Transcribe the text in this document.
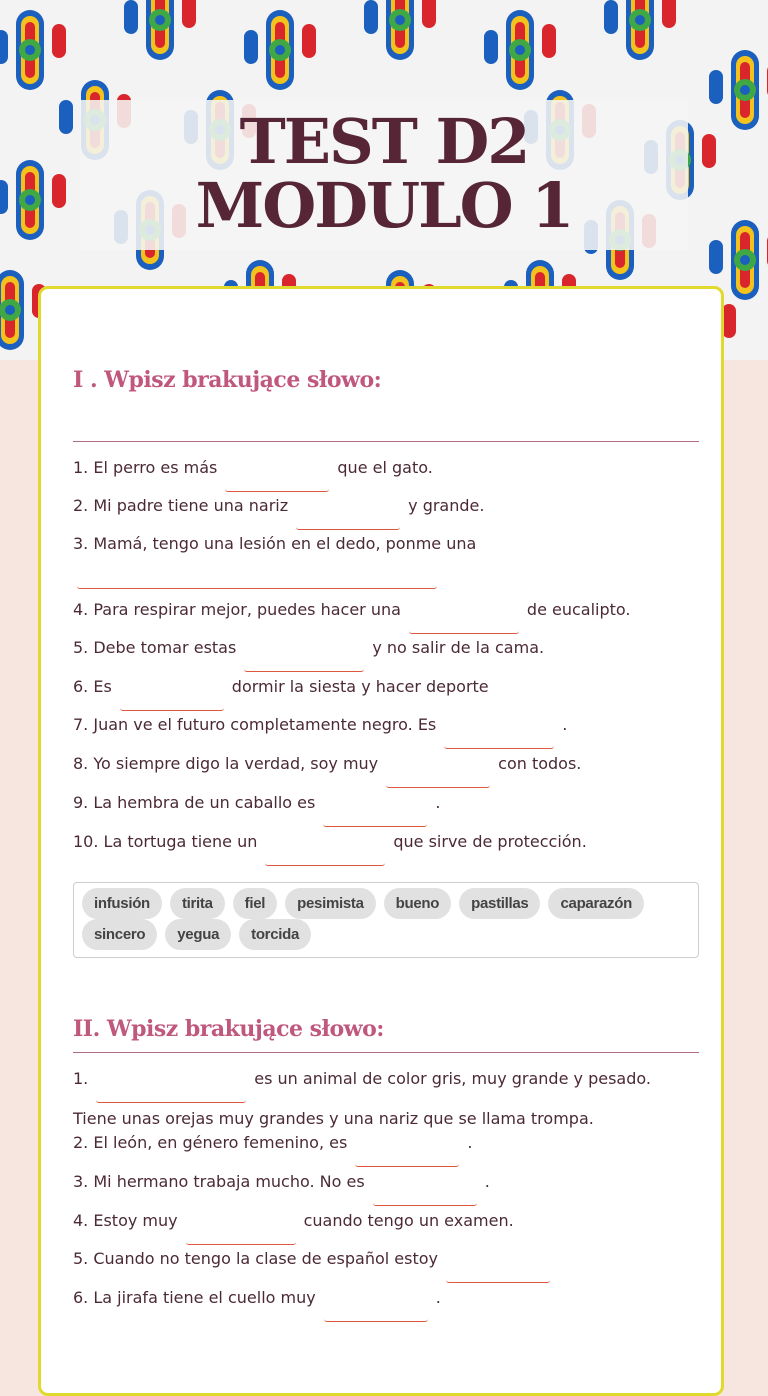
TEST D2
MODULO 1
I . Wpisz brakujące słowo:
1. El perro es más	que el gato.
2. Mi padre tiene una nariz	y grande.
3. Mamá, tengo una lesión en el dedo, ponme una
4. Para respirar mejor, puedes hacer una	de eucalipto.
5. Debe tomar estas	y no salir de la cama.
6. Es	dormir la siesta y hacer deporte
7. Juan ve el futuro completamente negro. Es	.
8. Yo siempre digo la verdad, soy muy	con todos.
9. La hembra de un caballo es	.
10. La tortuga tiene un	que sirve de protección.
infusión	tirita	fiel	pesimista	bueno	pastillas	caparazón
sincero	yegua	torcida
II. Wpisz brakujące słowo:
1.	es un animal de color gris, muy grande y pesado.
Tiene unas orejas muy grandes y una nariz que se llama trompa.
2. El león, en género femenino, es	.
3. Mi hermano trabaja mucho. No es	.
4. Estoy muy	cuando tengo un examen.
5. Cuando no tengo la clase de español estoy
6. La jirafa tiene el cuello muy	.
